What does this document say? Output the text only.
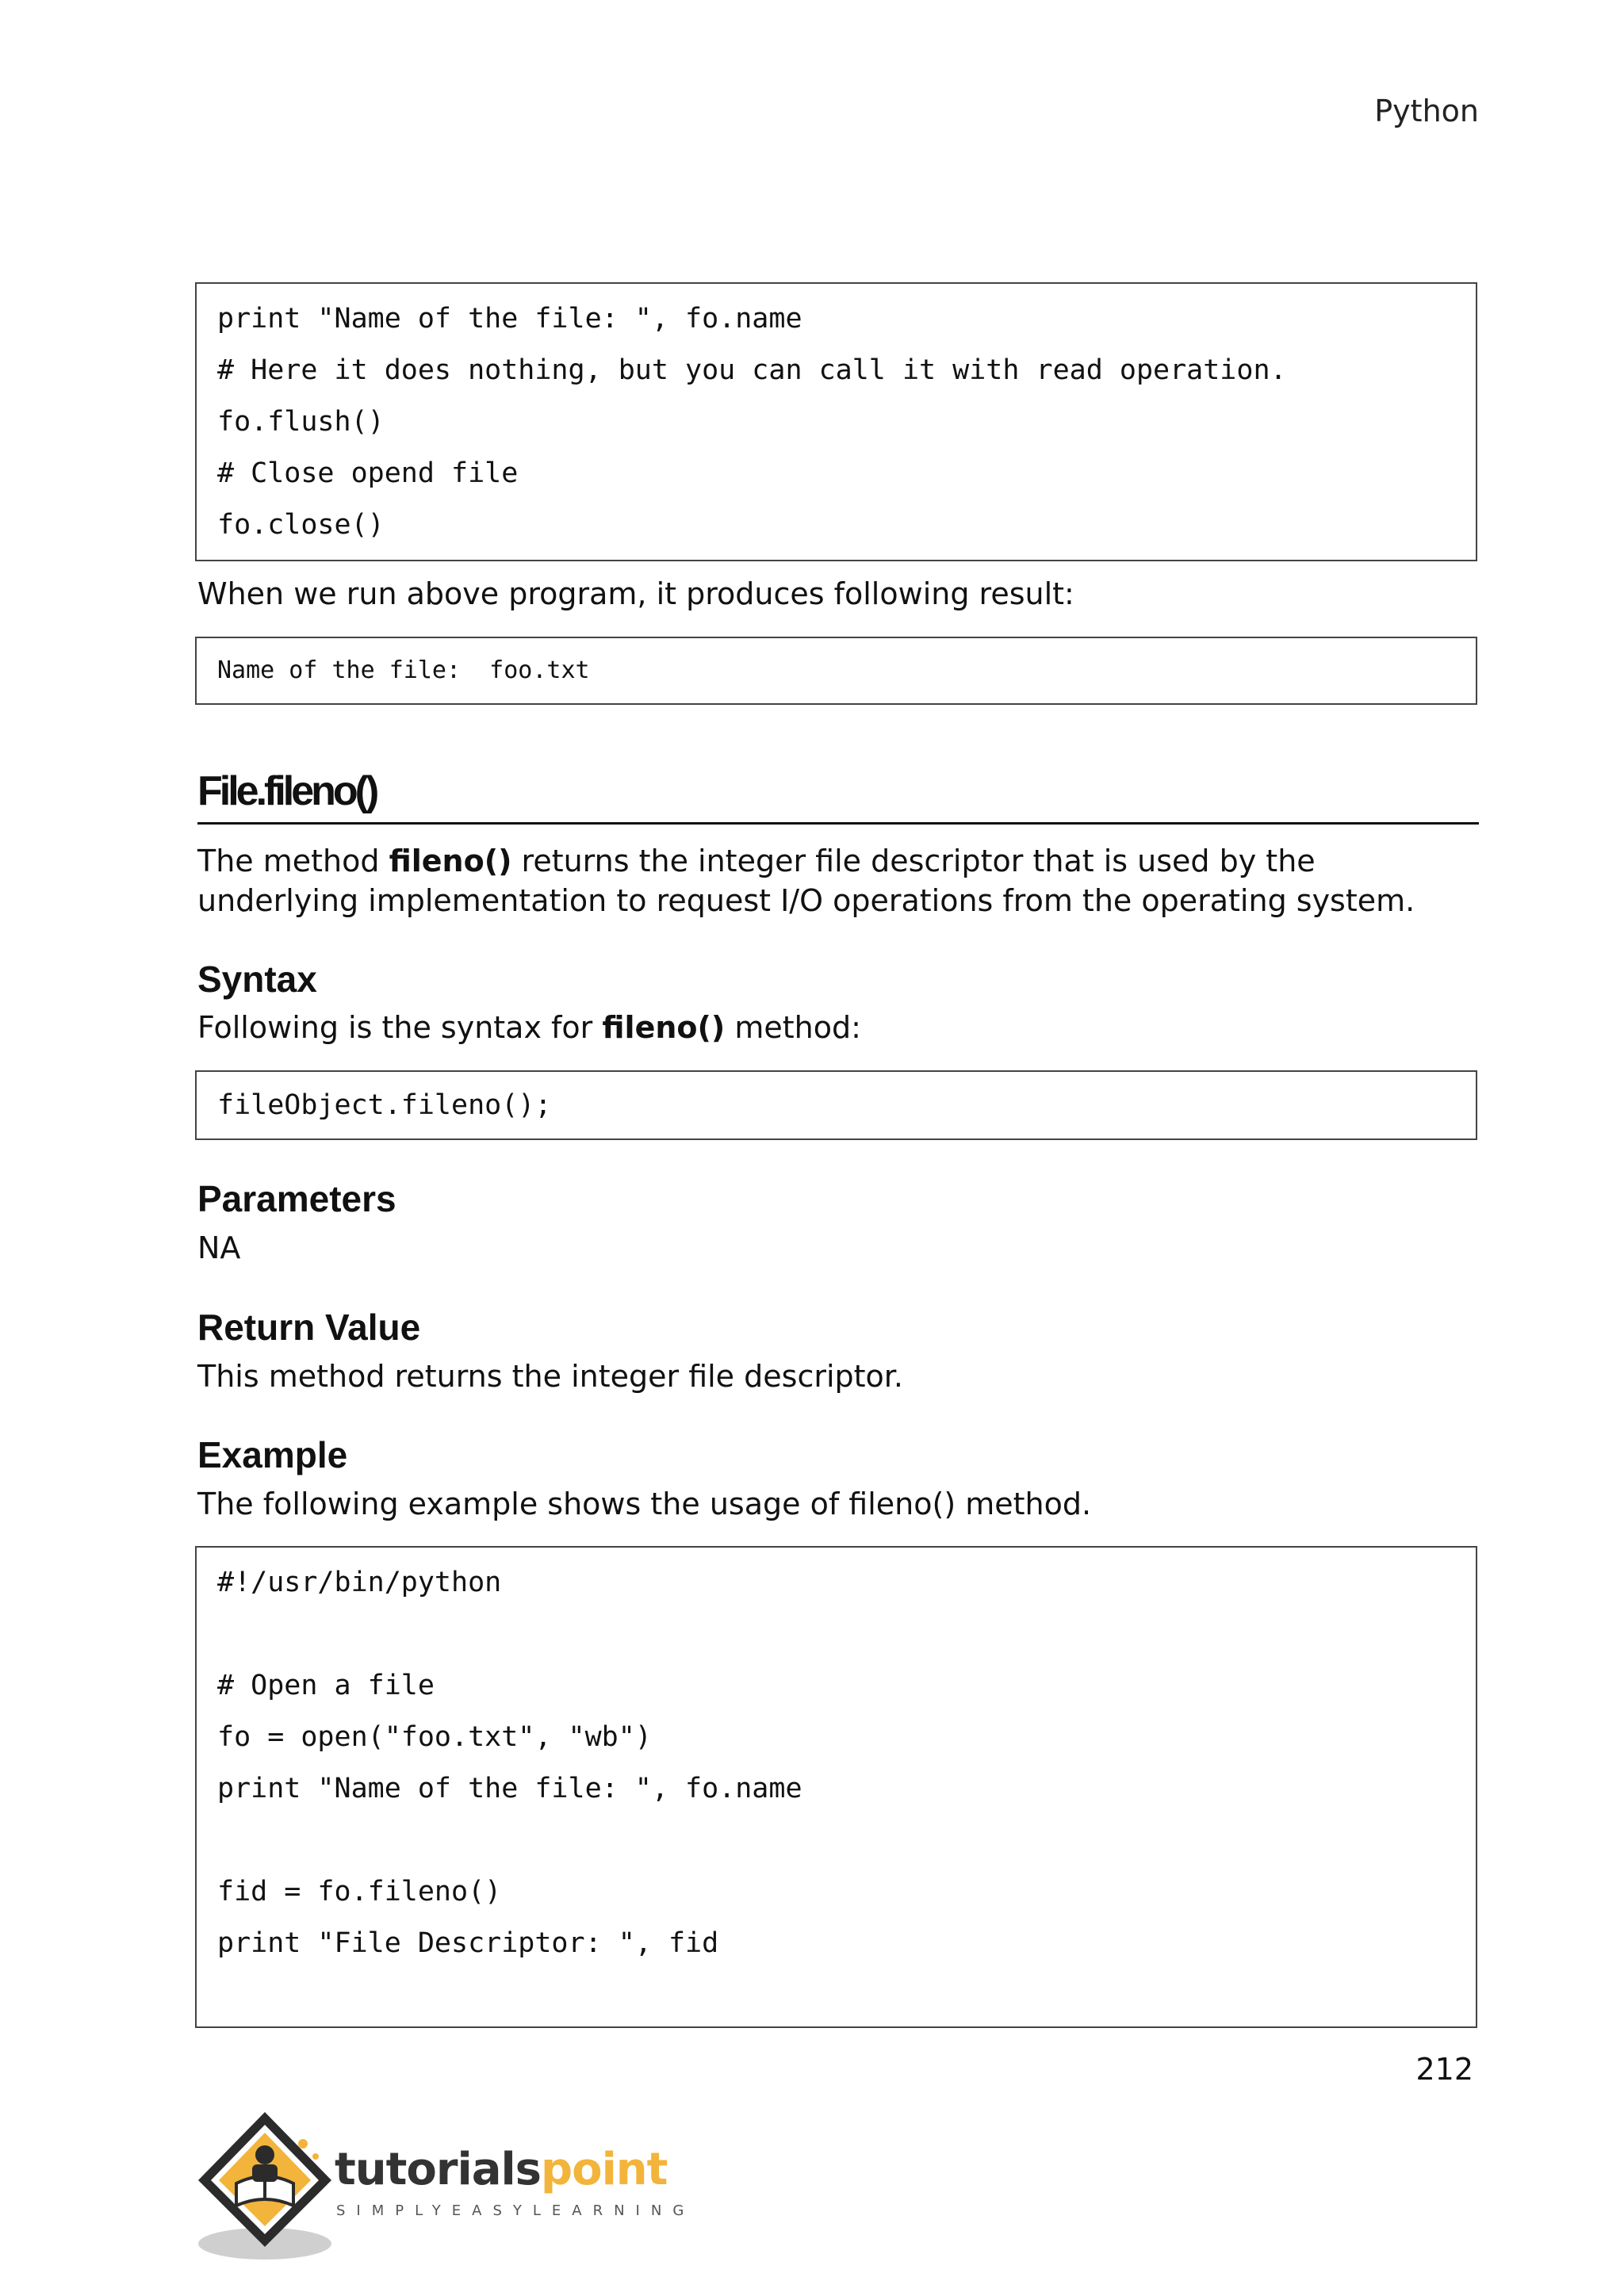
Python
print "Name of the file: ", fo.name
# Here it does nothing, but you can call it with read operation.
fo.flush()
# Close opend file
fo.close()
When we run above program, it produces following result:
Name of the file:  foo.txt
File.fileno()
The method fileno() returns the integer file descriptor that is used by the underlying implementation to request I/O operations from the operating system.
Syntax
Following is the syntax for fileno() method:
fileObject.fileno();
Parameters
NA
Return Value
This method returns the integer file descriptor.
Example
The following example shows the usage of fileno() method.
#!/usr/bin/python
# Open a file
fo = open("foo.txt", "wb")
print "Name of the file: ", fo.name
fid = fo.fileno()
print "File Descriptor: ", fid
212
tutorialspoint
SIMPLYEASYLEARNING
